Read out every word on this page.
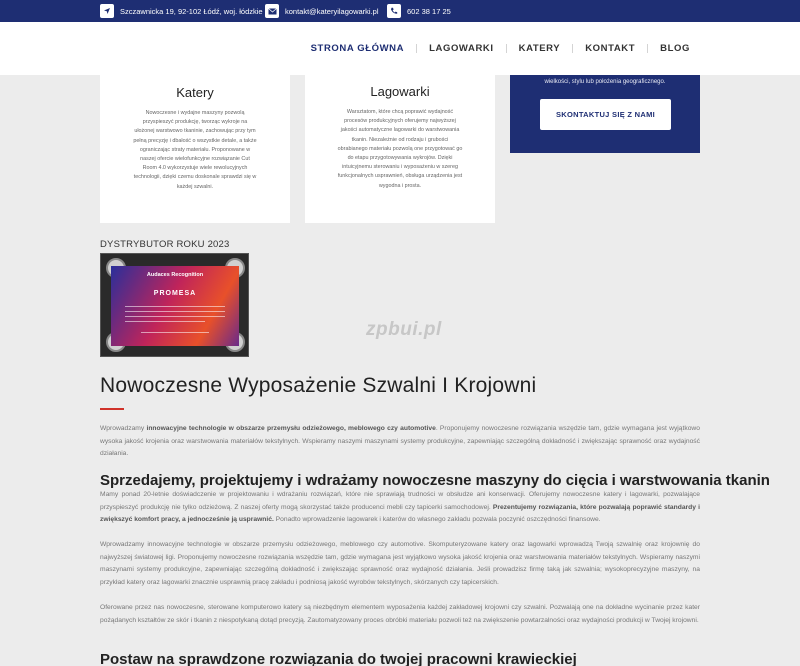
Szczawnicka 19, 92-102 Łódź, woj. łódzkie	kontakt@kateryilagowarki.pl	602 38 17 25
STRONA GŁÓWNA	LAGOWARKI	KATERY	KONTAKT	BLOG
Katery
Nowoczesne i wydajne maszyny pozwolą
przyspieszyć produkcję, tworząc wykroje na
ułożonej warstwowo tkaninie, zachowując przy tym
pełną precyzję i dbałość o wszystkie detale, a także
ograniczając straty materiału. Proponowane w
naszej ofercie wielofunkcyjne rozwiązanie Cut
Room 4.0 wykorzystuje wiele rewolucyjnych
technologii, dzięki czemu doskonale sprawdzi się w
każdej szwalni.
Lagowarki
Warsztatom, które chcą poprawić wydajność
procesów produkcyjnych oferujemy najwyższej
jakości automatyczne lagowarki do warstwowania
tkanin. Niezależnie od rodzaju i grubości
obrabianego materiału pozwolą one przygotować go
do etapu przygotowywania wykrojów. Dzięki
intuicyjnemu sterowaniu i wyposażeniu w szereg
funkcjonalnych usprawnień, obsługa urządzenia jest
wygodna i prosta.
wielkości, stylu lub położenia geograficznego.
SKONTAKTUJ SIĘ Z NAMI
DYSTRYBUTOR ROKU 2023
Audaces Recognition
PROMESA
zpbui.pl
Nowoczesne Wyposażenie Szwalni I Krojowni
Wprowadzamy innowacyjne technologie w obszarze przemysłu odzieżowego, meblowego czy automotive. Proponujemy nowoczesne rozwiązania wszędzie tam, gdzie wymagana jest wyjątkowo wysoka jakość krojenia oraz warstwowania materiałów tekstylnych. Wspieramy naszymi maszynami systemy produkcyjne, zapewniając szczególną dokładność i zwiększając sprawność oraz wydajność działania.
Sprzedajemy, projektujemy i wdrażamy nowoczesne maszyny do cięcia i warstwowania tkanin
Mamy ponad 20-letnie doświadczenie w projektowaniu i wdrażaniu rozwiązań, które nie sprawiają trudności w obsłudze ani konserwacji. Oferujemy nowoczesne katery i lagowarki, pozwalające przyspieszyć produkcję nie tylko odzieżową. Z naszej oferty mogą skorzystać także producenci mebli czy tapicerki samochodowej. Prezentujemy rozwiązania, które pozwalają poprawić standardy i zwiększyć komfort pracy, a jednocześnie ją usprawnić. Ponadto wprowadzenie lagowarek i katerów do własnego zakładu pozwala poczynić oszczędności finansowe.
Wprowadzamy innowacyjne technologie w obszarze przemysłu odzieżowego, meblowego czy automotive. Skomputeryzowane katery oraz lagowarki wprowadzą Twoją szwalnię oraz krojownię do najwyższej światowej ligi. Proponujemy nowoczesne rozwiązania wszędzie tam, gdzie wymagana jest wyjątkowo wysoka jakość krojenia oraz warstwowania materiałów tekstylnych. Wspieramy naszymi maszynami systemy produkcyjne, zapewniając szczególną dokładność i zwiększając sprawność oraz wydajność działania. Jeśli prowadzisz firmę taką jak szwalnia; wysokoprecyzyjne maszyny, na przykład katery oraz lagowarki znacznie usprawnią pracę zakładu i podniosą jakość wyrobów tekstylnych, skórzanych czy tapicerskich.
Oferowane przez nas nowoczesne, sterowane komputerowo katery są niezbędnym elementem wyposażenia każdej zakładowej krojowni czy szwalni. Pozwalają one na dokładne wycinanie przez kater pożądanych kształtów ze skór i tkanin z niespotykaną dotąd precyzją. Zautomatyzowany proces obróbki materiału pozwoli też na zwiększenie powtarzalności oraz wydajności produkcji w Twojej krojowni.
Postaw na sprawdzone rozwiązania do twojej pracowni krawieckiej
